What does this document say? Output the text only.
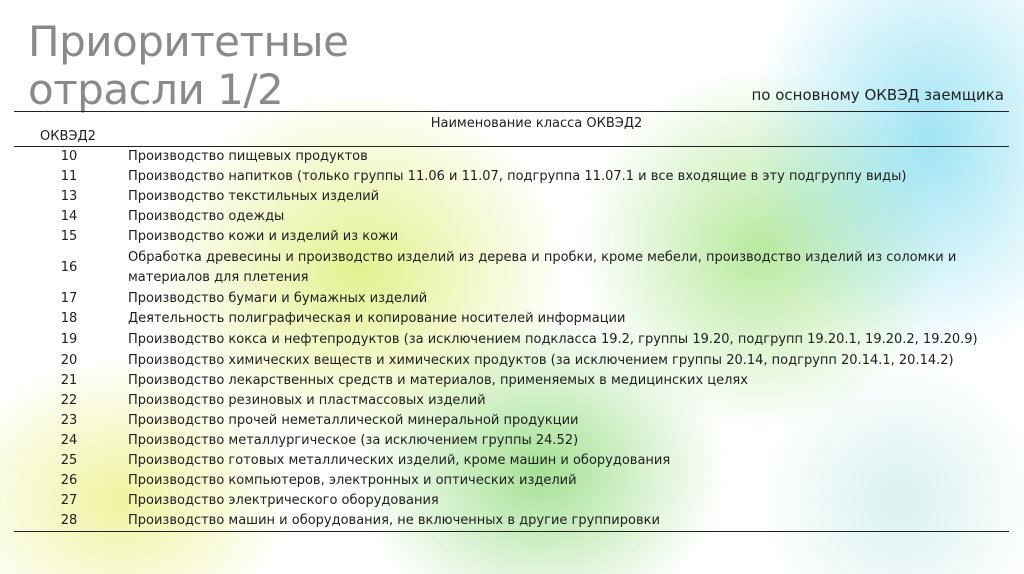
Приоритетные
отрасли 1/2	по основному ОКВЭД заемщика
ОКВЭД2	Наименование класса ОКВЭД2
10	Производство пищевых продуктов
11	Производство напитков (только группы 11.06 и 11.07, подгруппа 11.07.1 и все входящие в эту подгруппу виды)
13	Производство текстильных изделий
14	Производство одежды
15	Производство кожи и изделий из кожи
16	Обработка древесины и производство изделий из дерева и пробки, кроме мебели, производство изделий из соломки и материалов для плетения
17	Производство бумаги и бумажных изделий
18	Деятельность полиграфическая и копирование носителей информации
19	Производство кокса и нефтепродуктов (за исключением подкласса 19.2, группы 19.20, подгрупп 19.20.1, 19.20.2, 19.20.9)
20	Производство химических веществ и химических продуктов (за исключением группы 20.14, подгрупп 20.14.1, 20.14.2)
21	Производство лекарственных средств и материалов, применяемых в медицинских целях
22	Производство резиновых и пластмассовых изделий
23	Производство прочей неметаллической минеральной продукции
24	Производство металлургическое (за исключением группы 24.52)
25	Производство готовых металлических изделий, кроме машин и оборудования
26	Производство компьютеров, электронных и оптических изделий
27	Производство электрического оборудования
28	Производство машин и оборудования, не включенных в другие группировки
